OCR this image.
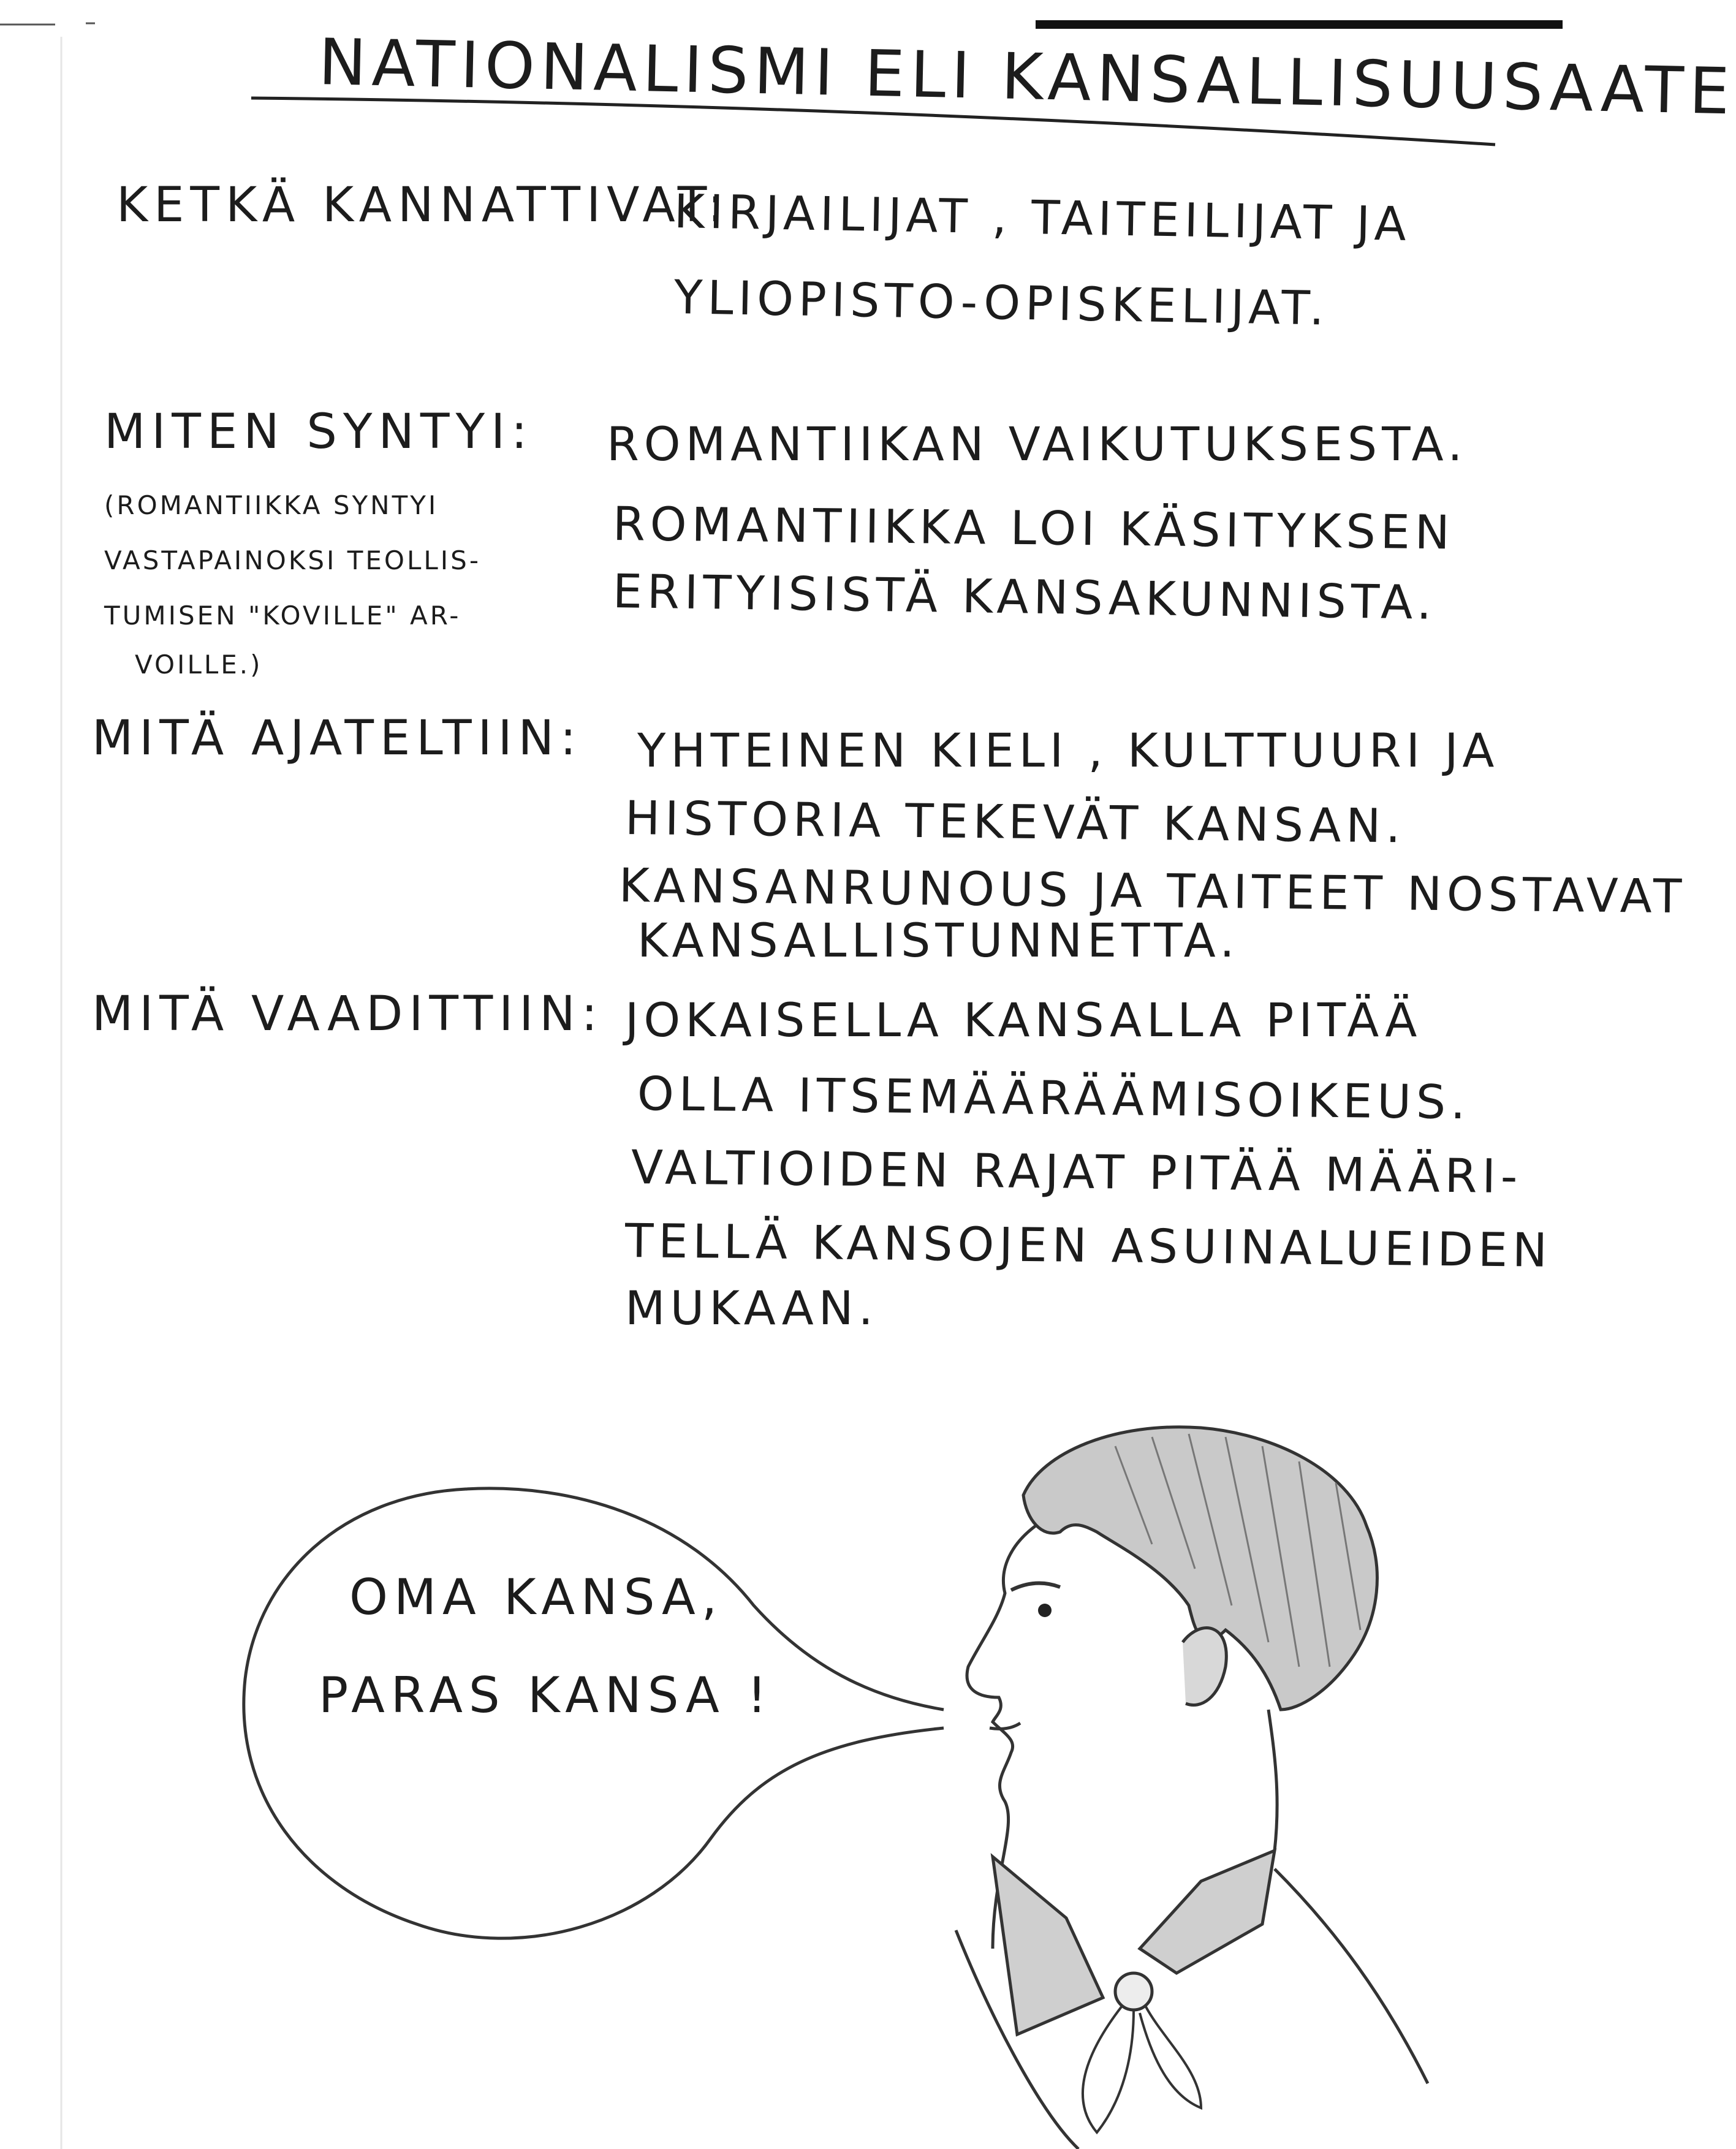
NATIONALISMI ELI KANSALLISUUSAATE
KETKÄ KANNATTIVAT:
KIRJAILIJAT , TAITEILIJAT JA
YLIOPISTO-OPISKELIJAT.
MITEN SYNTYI:
(ROMANTIIKKA SYNTYI
VASTAPAINOKSI TEOLLIS-
TUMISEN "KOVILLE" AR-
VOILLE.)
ROMANTIIKAN VAIKUTUKSESTA.
ROMANTIIKKA LOI KÄSITYKSEN
ERITYISISTÄ KANSAKUNNISTA.
MITÄ AJATELTIIN: YHTEINEN KIELI , KULTTUURI JA
HISTORIA TEKEVÄT KANSAN.
KANSANRUNOUS JA TAITEET NOSTAVAT
KANSALLISTUNNETTA.
MITÄ VAADITTIIN: JOKAISELLA KANSALLA PITÄÄ
OLLA ITSEMÄÄRÄÄMISOIKEUS.
VALTIOIDEN RAJAT PITÄÄ MÄÄRI-
TELLÄ KANSOJEN ASUINALUEIDEN
MUKAAN.
OMA KANSA,
PARAS KANSA !
